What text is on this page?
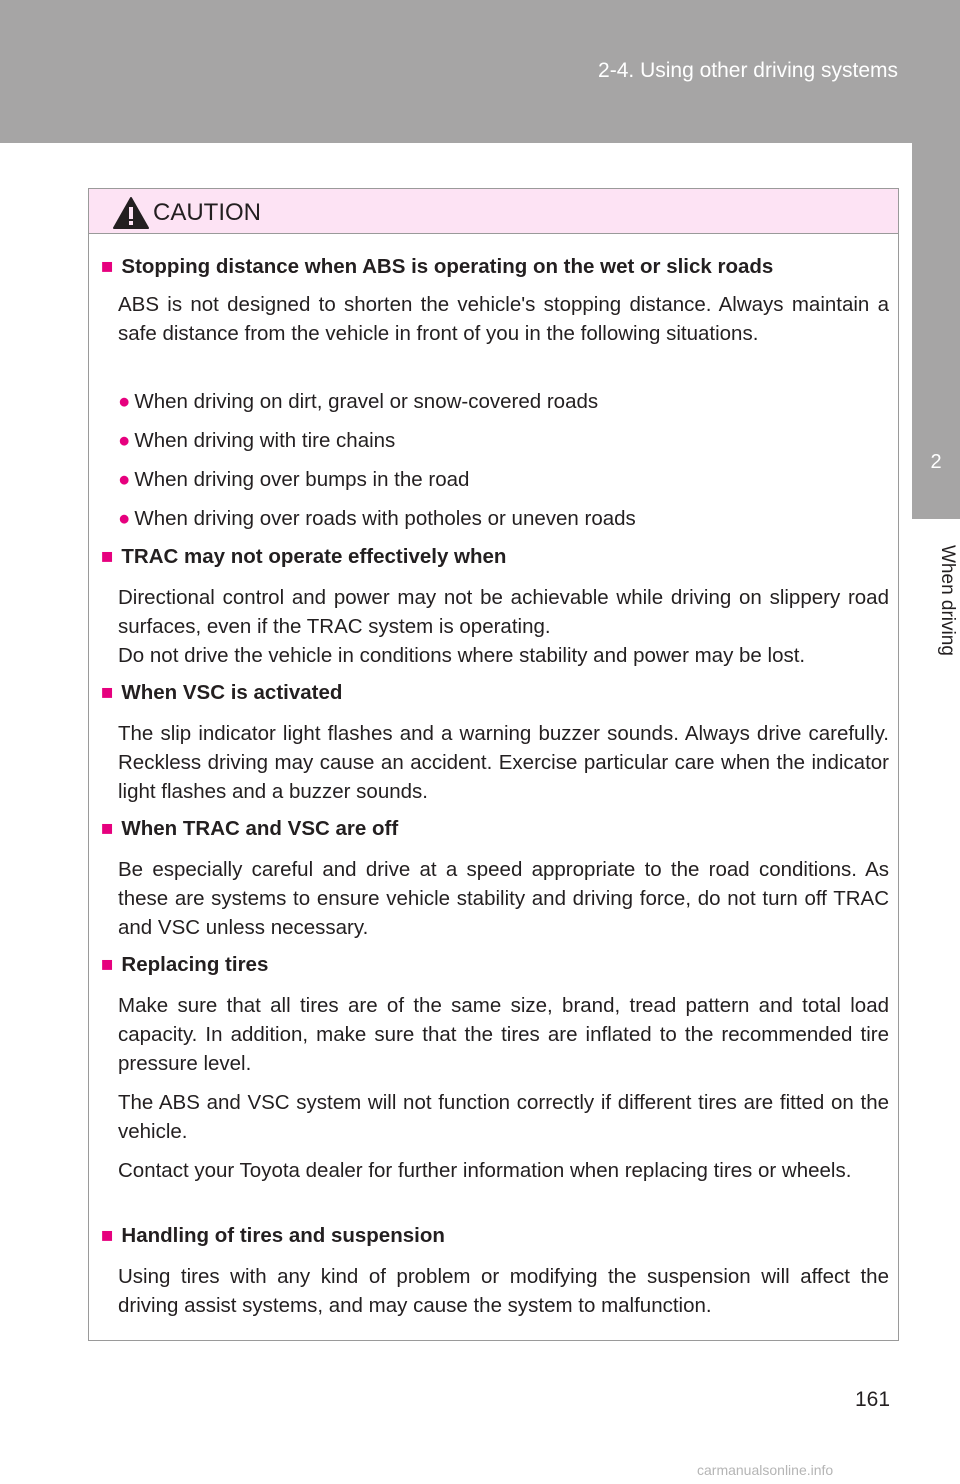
2-4. Using other driving systems
2
When driving
CAUTION
■ Stopping distance when ABS is operating on the wet or slick roads
ABS is not designed to shorten the vehicle's stopping distance. Always maintain a safe distance from the vehicle in front of you in the following situations.
● When driving on dirt, gravel or snow-covered roads
● When driving with tire chains
● When driving over bumps in the road
● When driving over roads with potholes or uneven roads
■ TRAC may not operate effectively when
Directional control and power may not be achievable while driving on slippery road surfaces, even if the TRAC system is operating.
Do not drive the vehicle in conditions where stability and power may be lost.
■ When VSC is activated
The slip indicator light flashes and a warning buzzer sounds. Always drive carefully. Reckless driving may cause an accident. Exercise particular care when the indicator light flashes and a buzzer sounds.
■ When TRAC and VSC are off
Be especially careful and drive at a speed appropriate to the road conditions. As these are systems to ensure vehicle stability and driving force, do not turn off TRAC and VSC unless necessary.
■ Replacing tires
Make sure that all tires are of the same size, brand, tread pattern and total load capacity. In addition, make sure that the tires are inflated to the recommended tire pressure level.
The ABS and VSC system will not function correctly if different tires are fitted on the vehicle.
Contact your Toyota dealer for further information when replacing tires or wheels.
■ Handling of tires and suspension
Using tires with any kind of problem or modifying the suspension will affect the driving assist systems, and may cause the system to malfunction.
161
carmanualsonline.info
